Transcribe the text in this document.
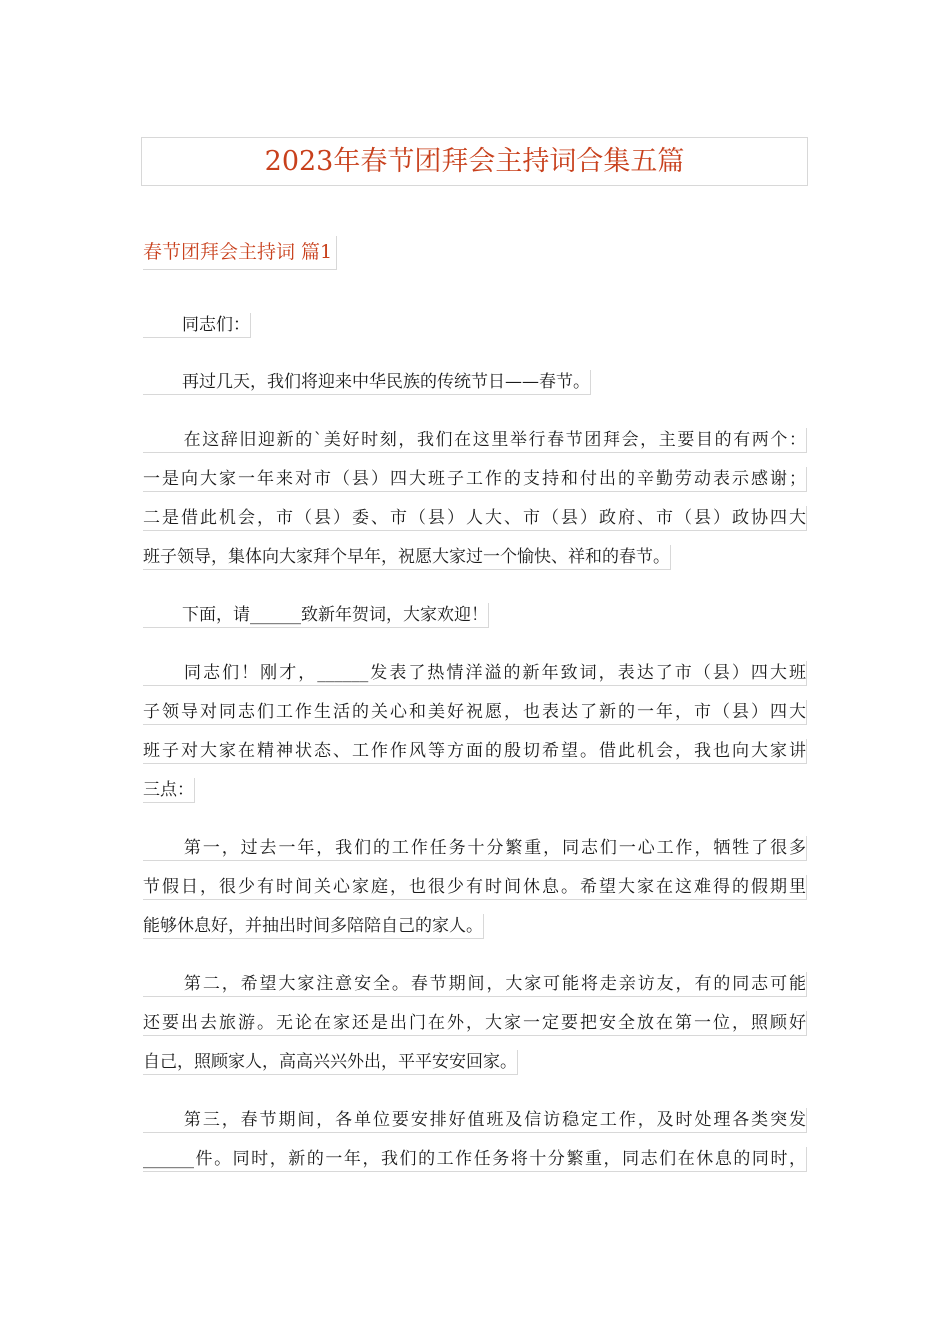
2023年春节团拜会主持词合集五篇
春节团拜会主持词 篇1
同志们：
再过几天，我们将迎来中华民族的传统节日——春节。
在这辞旧迎新的`美好时刻，我们在这里举行春节团拜会，主要目的有两个：
一是向大家一年来对市（县）四大班子工作的支持和付出的辛勤劳动表示感谢；
二是借此机会，市（县）委、市（县）人大、市（县）政府、市（县）政协四大
班子领导，集体向大家拜个早年，祝愿大家过一个愉快、祥和的春节。
下面，请______致新年贺词，大家欢迎！
同志们！刚才，______发表了热情洋溢的新年致词，表达了市（县）四大班
子领导对同志们工作生活的关心和美好祝愿，也表达了新的一年，市（县）四大
班子对大家在精神状态、工作作风等方面的殷切希望。借此机会，我也向大家讲
三点：
第一，过去一年，我们的工作任务十分繁重，同志们一心工作，牺牲了很多
节假日，很少有时间关心家庭，也很少有时间休息。希望大家在这难得的假期里
能够休息好，并抽出时间多陪陪自己的家人。
第二，希望大家注意安全。春节期间，大家可能将走亲访友，有的同志可能
还要出去旅游。无论在家还是出门在外，大家一定要把安全放在第一位，照顾好
自己，照顾家人，高高兴兴外出，平平安安回家。
第三，春节期间，各单位要安排好值班及信访稳定工作，及时处理各类突发
______件。同时，新的一年，我们的工作任务将十分繁重，同志们在休息的同时，
